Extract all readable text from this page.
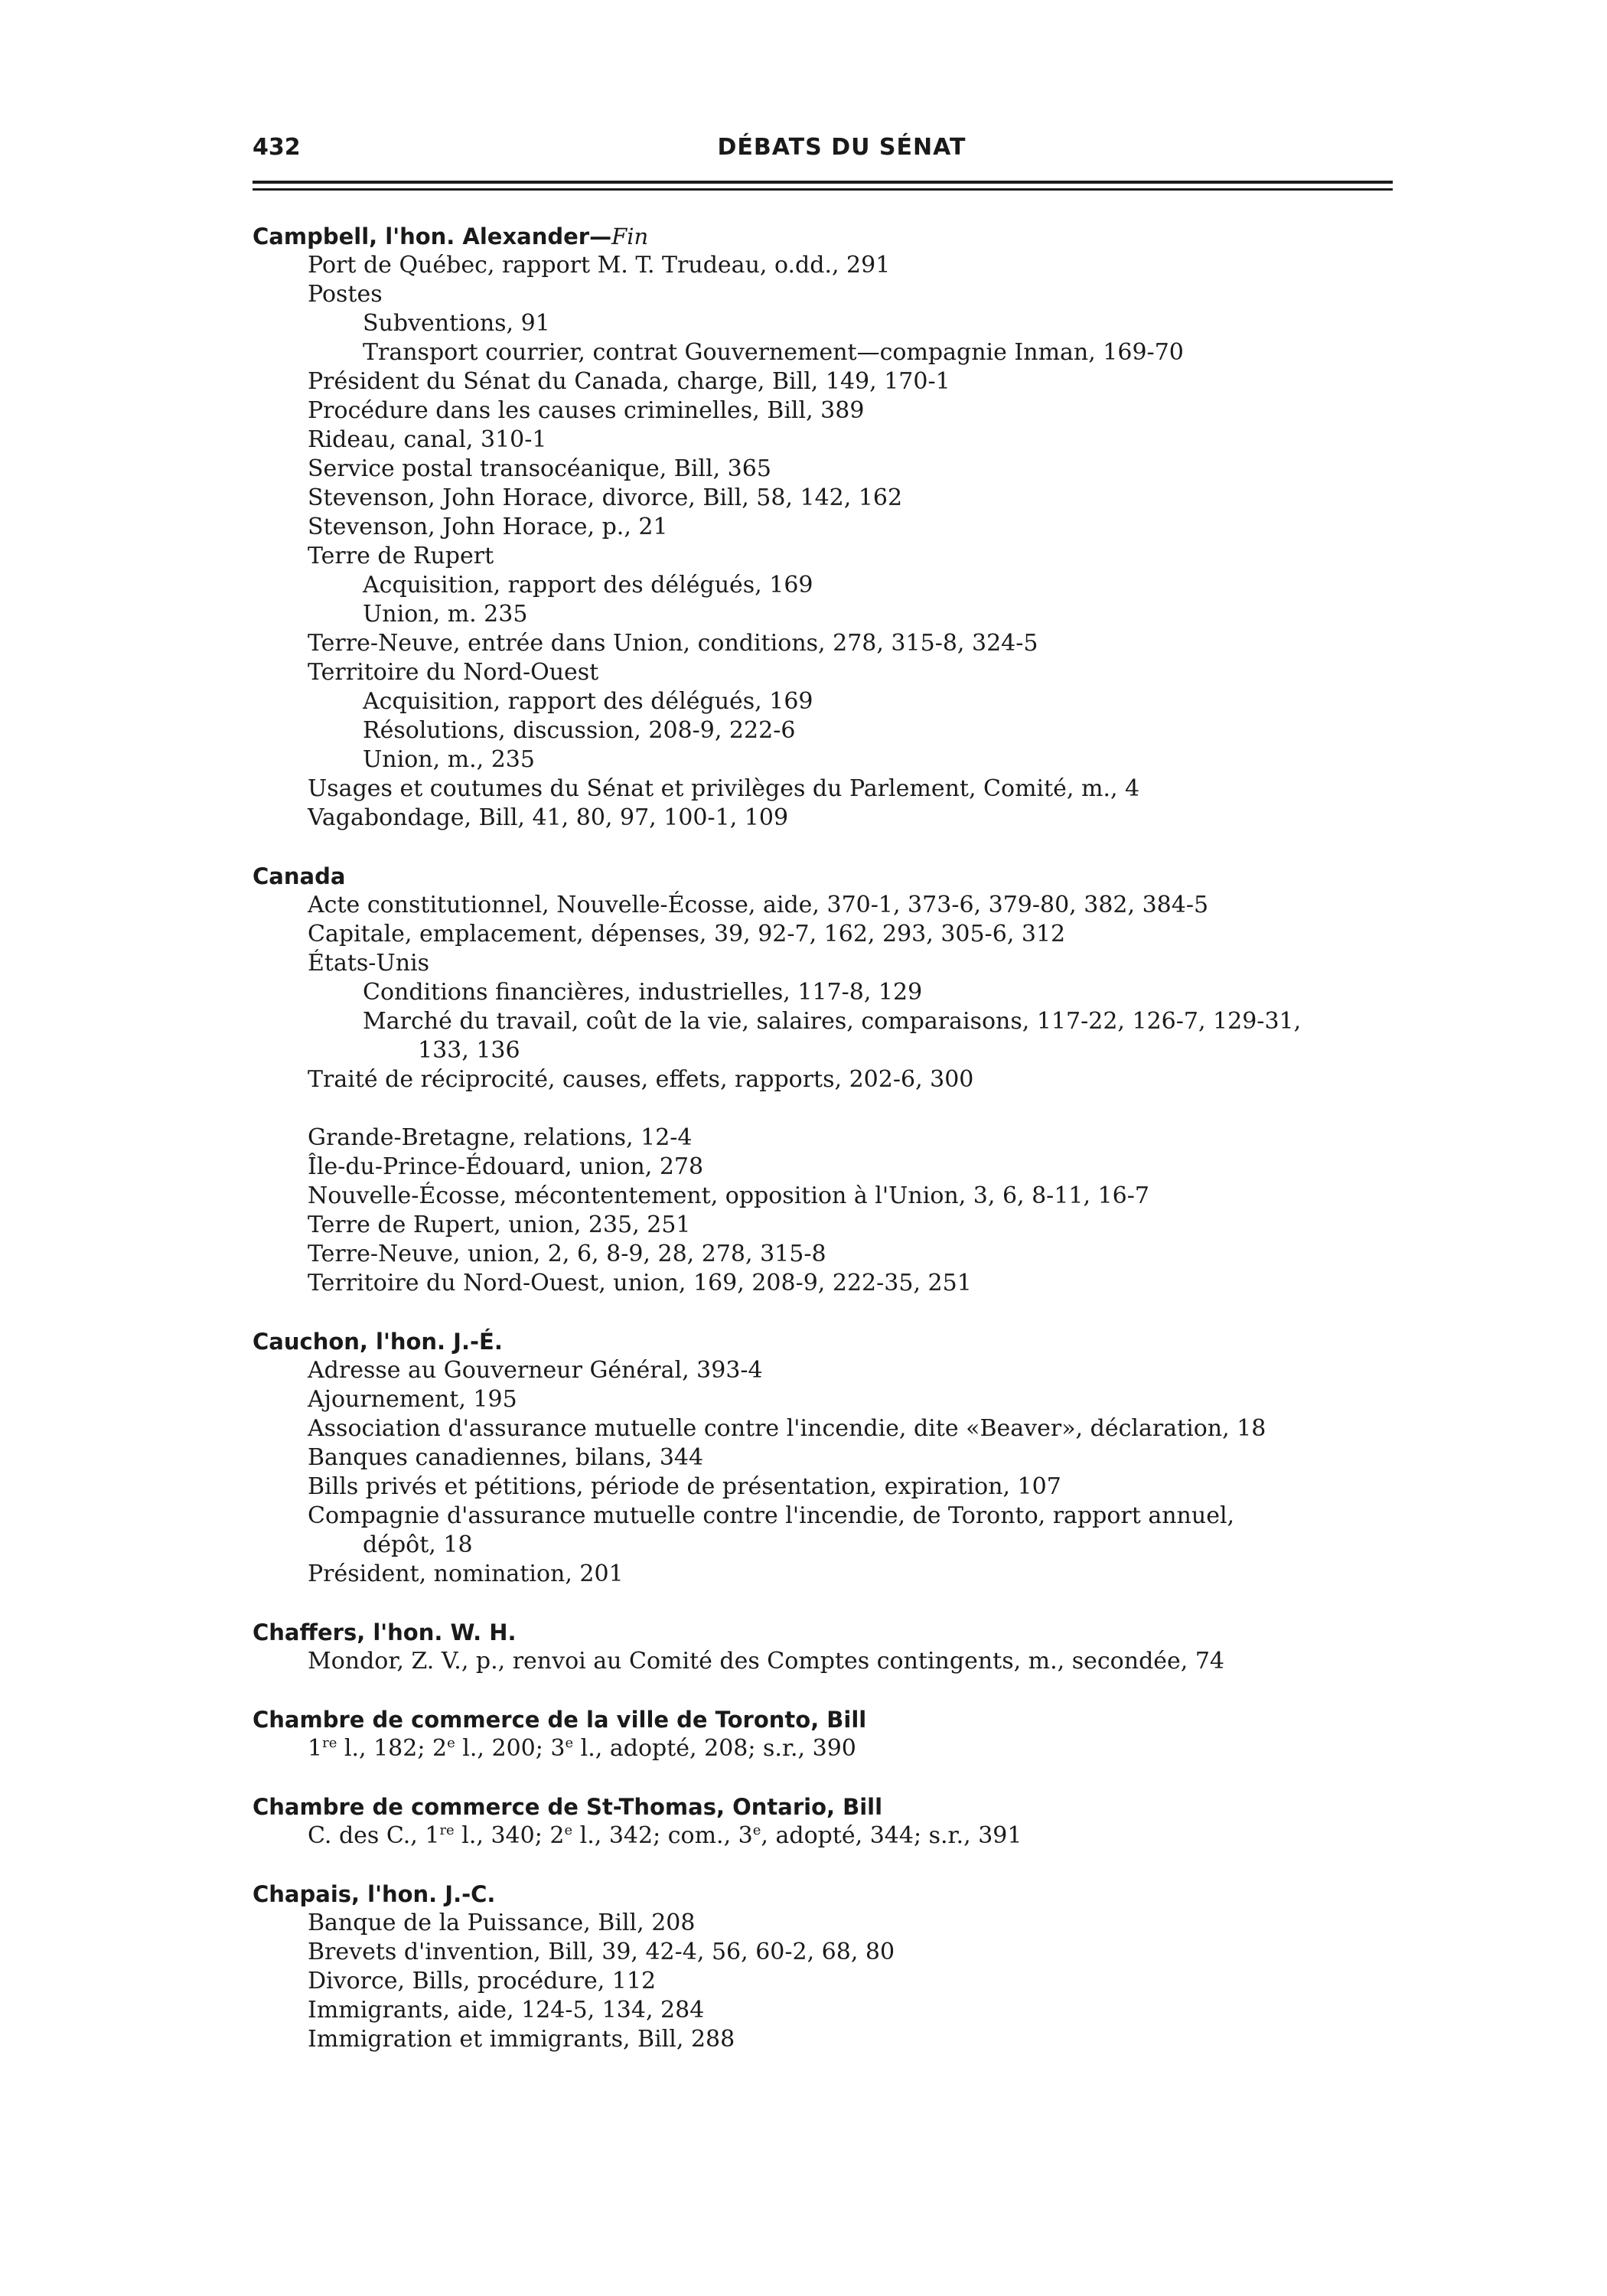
432	DÉBATS DU SÉNAT
Campbell, l'hon. Alexander—Fin
Port de Québec, rapport M. T. Trudeau, o.dd., 291
Postes
Subventions, 91
Transport courrier, contrat Gouvernement—compagnie Inman, 169-70
Président du Sénat du Canada, charge, Bill, 149, 170-1
Procédure dans les causes criminelles, Bill, 389
Rideau, canal, 310-1
Service postal transocéanique, Bill, 365
Stevenson, John Horace, divorce, Bill, 58, 142, 162
Stevenson, John Horace, p., 21
Terre de Rupert
Acquisition, rapport des délégués, 169
Union, m. 235
Terre-Neuve, entrée dans Union, conditions, 278, 315-8, 324-5
Territoire du Nord-Ouest
Acquisition, rapport des délégués, 169
Résolutions, discussion, 208-9, 222-6
Union, m., 235
Usages et coutumes du Sénat et privilèges du Parlement, Comité, m., 4
Vagabondage, Bill, 41, 80, 97, 100-1, 109
Canada
Acte constitutionnel, Nouvelle-Écosse, aide, 370-1, 373-6, 379-80, 382, 384-5
Capitale, emplacement, dépenses, 39, 92-7, 162, 293, 305-6, 312
États-Unis
Conditions financières, industrielles, 117-8, 129
Marché du travail, coût de la vie, salaires, comparaisons, 117-22, 126-7, 129-31,
133, 136
Traité de réciprocité, causes, effets, rapports, 202-6, 300
Grande-Bretagne, relations, 12-4
Île-du-Prince-Édouard, union, 278
Nouvelle-Écosse, mécontentement, opposition à l'Union, 3, 6, 8-11, 16-7
Terre de Rupert, union, 235, 251
Terre-Neuve, union, 2, 6, 8-9, 28, 278, 315-8
Territoire du Nord-Ouest, union, 169, 208-9, 222-35, 251
Cauchon, l'hon. J.-É.
Adresse au Gouverneur Général, 393-4
Ajournement, 195
Association d'assurance mutuelle contre l'incendie, dite «Beaver», déclaration, 18
Banques canadiennes, bilans, 344
Bills privés et pétitions, période de présentation, expiration, 107
Compagnie d'assurance mutuelle contre l'incendie, de Toronto, rapport annuel,
dépôt, 18
Président, nomination, 201
Chaffers, l'hon. W. H.
Mondor, Z. V., p., renvoi au Comité des Comptes contingents, m., secondée, 74
Chambre de commerce de la ville de Toronto, Bill
1re l., 182; 2e l., 200; 3e l., adopté, 208; s.r., 390
Chambre de commerce de St-Thomas, Ontario, Bill
C. des C., 1re l., 340; 2e l., 342; com., 3e, adopté, 344; s.r., 391
Chapais, l'hon. J.-C.
Banque de la Puissance, Bill, 208
Brevets d'invention, Bill, 39, 42-4, 56, 60-2, 68, 80
Divorce, Bills, procédure, 112
Immigrants, aide, 124-5, 134, 284
Immigration et immigrants, Bill, 288
